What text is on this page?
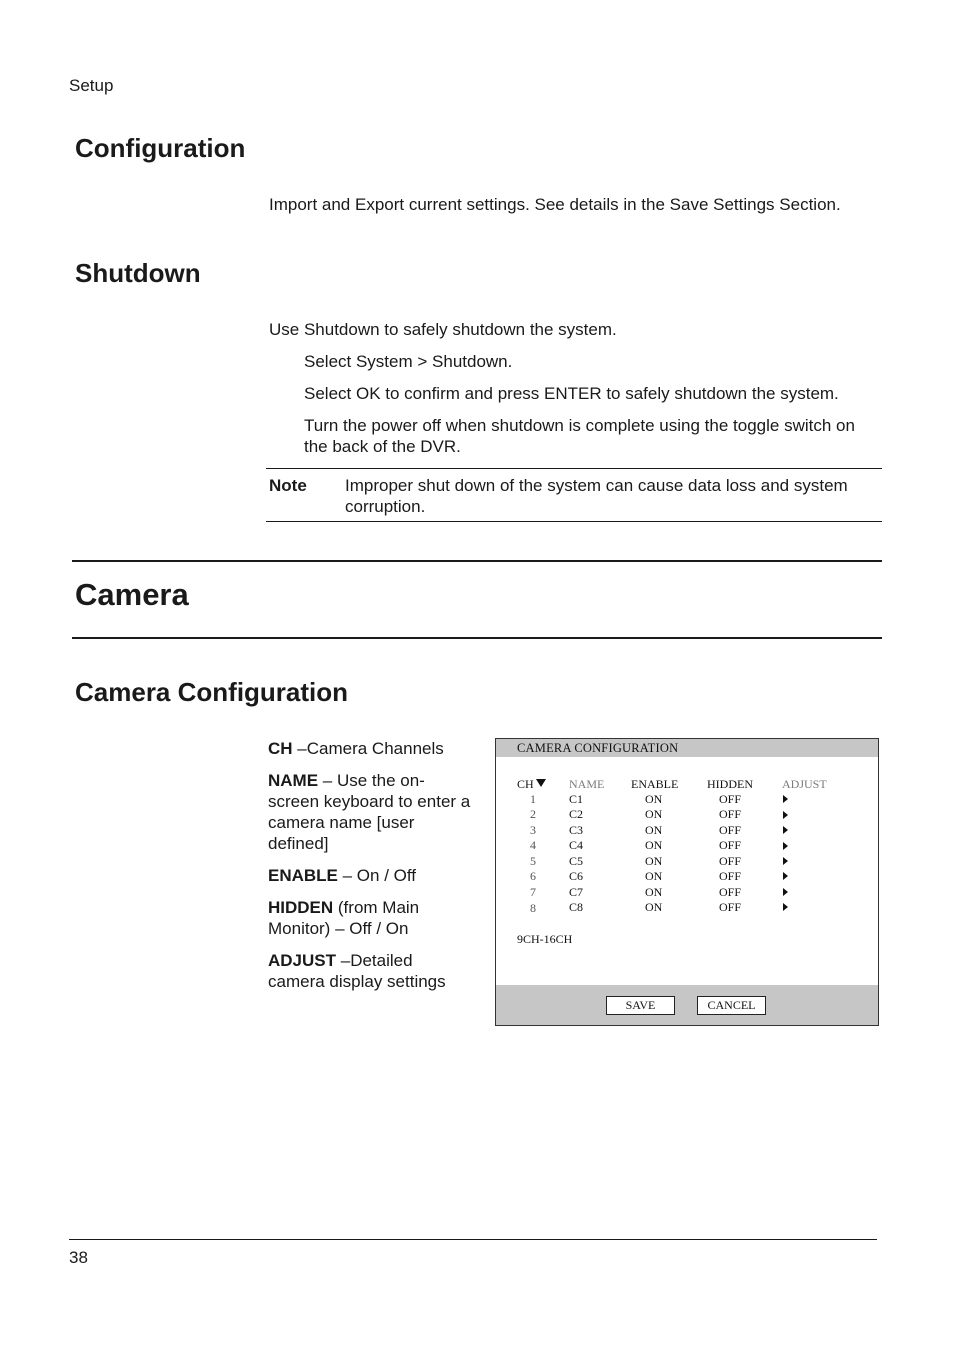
Setup
Configuration
Import and Export current settings. See details in the Save Settings Section.
Shutdown
Use Shutdown to safely shutdown the system.
Select System > Shutdown.
Select OK to confirm and press ENTER to safely shutdown the system.
Turn the power off when shutdown is complete using the toggle switch on the back of the DVR.
Note Improper shut down of the system can cause data loss and system corruption.
Camera
Camera Configuration

CH –Camera Channels

NAME – Use the on-screen keyboard to enter a camera name [user defined]

ENABLE – On / Off

HIDDEN (from Main Monitor) – Off / On

ADJUST –Detailed camera display settings

CAMERA CONFIGURATION
CH	NAME ENABLE HIDDEN ADJUST
1	C1	ON	OFF
2	C2	ON	OFF
3	C3	ON	OFF
4	C4	ON	OFF
5	C5	ON	OFF
6	C6	ON	OFF
7	C7	ON	OFF
8	C8	ON	OFF
9CH-16CH
SAVE	CANCEL
38
